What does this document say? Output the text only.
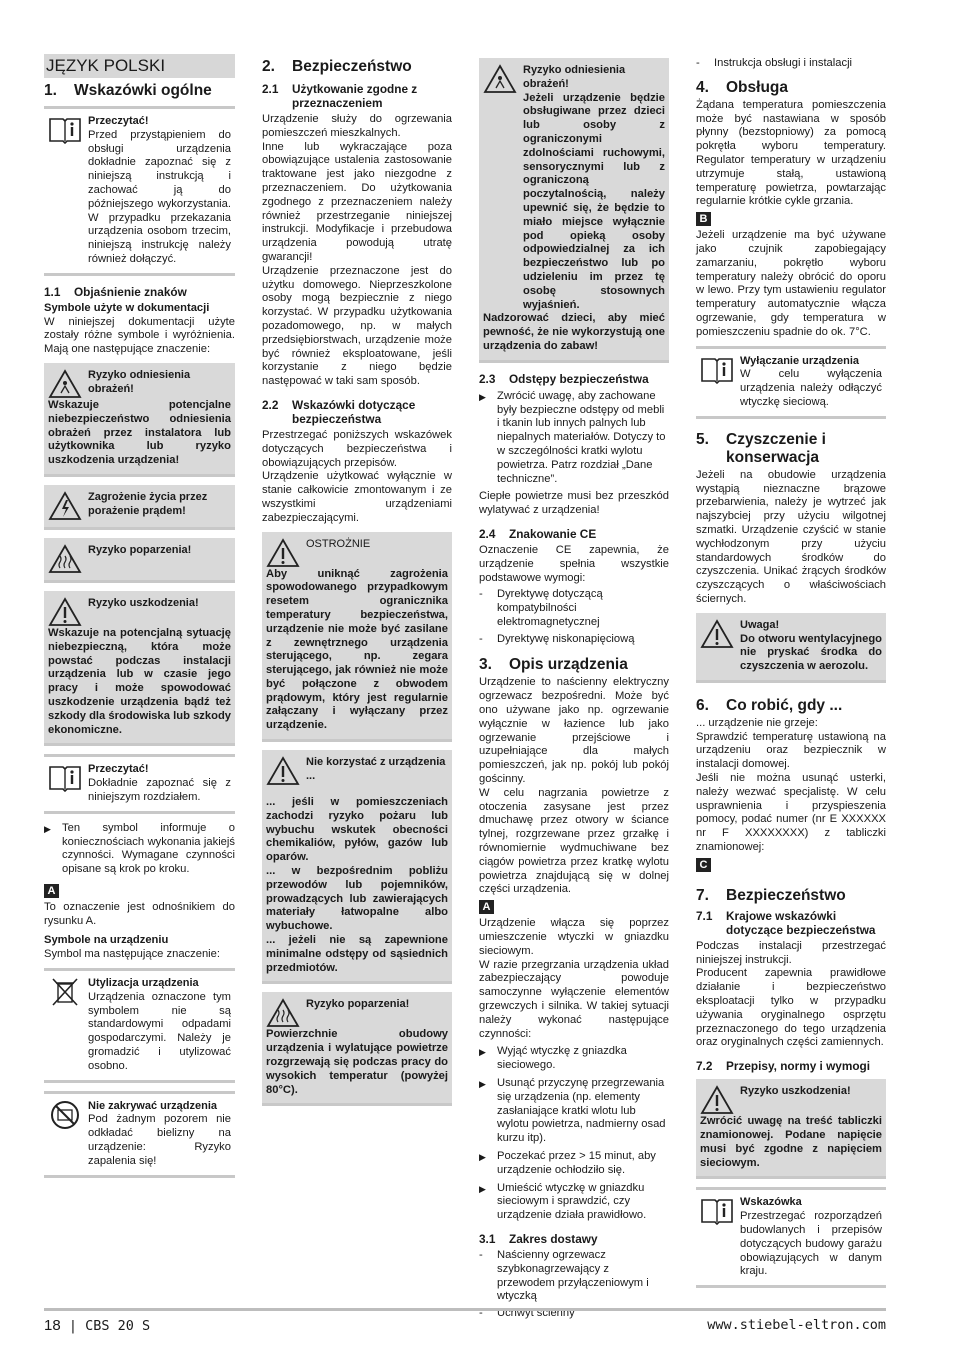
JĘZYK POLSKI
1.	Wskazówki ogólne
Przeczytać!

Przed przystąpieniem do obsługi urządzenia dokładnie zapoznać się z niniejszą instrukcją i zachować ją do późniejszego wykorzystania. W przypadku przekazania urządzenia osobom trzecim, niniejszą instrukcję należy również dołączyć.

1.1	Objaśnienie znaków
Symbole użyte w dokumentacji

W niniejszej dokumentacji użyte zostały różne symbole i wyróżnienia. Mają one następujące znaczenie:

Ryzyko odniesienia obrażeń!

Wskazuje potencjalne niebezpieczeństwo odniesienia obrażeń przez instalatora lub użytkownika lub ryzyko uszkodzenia urządzenia!

Zagrożenie życia przez porażenie prądem!
Ryzyko poparzenia!
Ryzyko uszkodzenia!

Wskazuje na potencjalną sytuację niebezpieczną, która może powstać podczas instalacji urządzenia lub w czasie jego pracy i może spowodować uszkodzenie urządzenia bądź też szkody dla środowiska lub szkody ekonomiczne.

Przeczytać!

Dokładnie zapoznać się z niniejszym rozdziałem.

▶ Ten symbol informuje o koniecznościach wykonania jakiejś czynności. Wymagane czynności opisane są krok po kroku.

A

To oznaczenie jest odnośnikiem do rysunku A.

Symbole na urządzeniu

Symbol ma następujące znaczenie:

Utylizacja urządzenia

Urządzenia oznaczone tym symbolem nie są standardowymi odpadami gospodarczymi. Należy je gromadzić i utylizować osobno.

Nie zakrywać urządzenia

Pod żadnym pozorem nie odkładać bielizny na urządzenie: Ryzyko zapalenia się!

2.	Bezpieczeństwo
2.1	Użytkowanie zgodne z przeznaczeniem

Urządzenie służy do ogrzewania pomieszczeń mieszkalnych.

Inne lub wykraczające poza obowiązujące ustalenia zastosowanie traktowane jest jako niezgodne z przeznaczeniem. Do użytkowania zgodnego z przeznaczeniem należy również przestrzeganie niniejszej instrukcji. Modyfikacje i przebudowa urządzenia powodują utratę gwarancji!

Urządzenie przeznaczone jest do użytku domowego. Nieprzeszkolone osoby mogą bezpiecznie z niego korzystać. W przypadku użytkowania pozadomowego, np. w małych przedsiębiorstwach, urządzenie może być również eksploatowane, jeśli korzystanie z niego będzie następować w taki sam sposób.

2.2	Wskazówki dotyczące bezpieczeństwa

Przestrzegać poniższych wskazówek dotyczących bezpieczeństwa i obowiązujących przepisów.

Urządzenie użytkować wyłącznie w stanie całkowicie zmontowanym i ze wszystkimi urządzeniami zabezpieczającymi.

OSTROŻNIE

Aby uniknąć zagrożenia spowodowanego przypadkowym resetem ogranicznika temperatury bezpieczeństwa, urządzenie nie może być zasilane z zewnętrznego urządzenia sterującego, np. zegara sterującego, jak również nie może być połączone z obwodem prądowym, który jest regularnie załączany i wyłączany przez urządzenie.

Nie korzystać z urządzenia ...

... jeśli w pomieszczeniach zachodzi ryzyko pożaru lub wybuchu wskutek obecności chemikaliów, pyłów, gazów lub oparów.

... w bezpośrednim pobliżu przewodów lub pojemników, prowadzących lub zawierających materiały łatwopalne albo wybuchowe.

... jeżeli nie są zapewnione minimalne odstępy od sąsiednich przedmiotów.

Ryzyko poparzenia!

Powierzchnie obudowy urządzenia i wylatujące powietrze rozgrzewają się podczas pracy do wysokich temperatur (powyżej 80°C).

Ryzyko odniesienia obrażeń!

Jeżeli urządzenie będzie obsługiwane przez dzieci lub osoby z ograniczonymi zdolnościami ruchowymi, sensorycznymi lub z ograniczoną poczytalnością, należy upewnić się, że będzie to miało miejsce wyłącznie pod opieką osoby odpowiedzialnej za ich bezpieczeństwo lub po udzieleniu im przez tę osobę stosownych wyjaśnień.

Nadzorować dzieci, aby mieć pewność, że nie wykorzystują one urządzenia do zabaw!

2.3	Odstępy bezpieczeństwa
▶ Zwrócić uwagę, aby zachowane były bezpieczne odstępy od mebli i tkanin lub innych palnych lub niepalnych materiałów. Dotyczy to w szczególności kratki wylotu powietrza. Patrz rozdział „Dane techniczne”.

Ciepłe powietrze musi bez przeszkód wylatywać z urządzenia!

2.4	Znakowanie CE

Oznaczenie CE zapewnia, że urządzenie spełnia wszystkie podstawowe wymogi:

-	Dyrektywę dotyczącą kompatybilności elektromagnetycznej
-	Dyrektywę niskonapięciową
3.	Opis urządzenia

Urządzenie to naścienny elektryczny ogrzewacz bezpośredni. Może być ono używane jako np. ogrzewanie wyłącznie w łazience lub jako ogrzewanie przejściowe i uzupełniające dla małych pomieszczeń, jak np. pokój lub pokój gościnny.

W celu nagrzania powietrze z otoczenia zasysane jest przez dmuchawę przez otwory w ściance tylnej, rozgrzewane przez grzałkę i równomiernie wydmuchiwane bez ciągów powietrza przez kratkę wylotu powietrza znajdującą się w dolnej części urządzenia.

A

Urządzenie włącza się poprzez umieszczenie wtyczki w gniazdku sieciowym.

W razie przegrzania urządzenia układ zabezpieczający powoduje samoczynne wyłączenie elementów grzewczych i silnika. W takiej sytuacji należy wykonać następujące czynności:

▶ Wyjąć wtyczkę z gniazdka sieciowego.

▶ Usunąć przyczynę przegrzewania się urządzenia (np. elementy zasłaniające kratki wlotu lub wylotu powietrza, nadmierny osad kurzu itp).

▶ Poczekać przez > 15 minut, aby urządzenie ochłodziło się.

▶ Umieścić wtyczkę w gniazdku sieciowym i sprawdzić, czy urządzenie działa prawidłowo.

3.1	Zakres dostawy
-	Naścienny ogrzewacz szybkonagrzewający z przewodem przyłączeniowym i wtyczką
-	Uchwyt ścienny
-	Instrukcja obsługi i instalacji
4.	Obsługa

Żądana temperatura pomieszczenia może być nastawiana w sposób płynny (bezstopniowy) za pomocą pokrętła wyboru temperatury. Regulator temperatury w urządzeniu utrzymuje stałą, ustawioną temperaturę powietrza, powtarzając regularnie krótkie cykle grzania.

B

Jeżeli urządzenie ma być używane jako czujnik zapobiegający zamarzaniu, pokrętło wyboru temperatury należy obrócić do oporu w lewo. Przy tym ustawieniu regulator temperatury automatycznie włącza ogrzewanie, gdy temperatura w pomieszczeniu spadnie do ok. 7°C.

Wyłączanie urządzenia

W celu wyłączenia urządzenia należy odłączyć wtyczkę sieciową.

5.	Czyszczenie i konserwacja

Jeżeli na obudowie urządzenia wystąpią nieznaczne brązowe przebarwienia, należy je wytrzeć jak najszybciej przy użyciu wilgotnej szmatki. Urządzenie czyścić w stanie wychłodzonym przy użyciu standardowych środków do czyszczenia. Unikać żrących środków czyszczących o właściwościach ściernych.

Uwaga!

Do otworu wentylacyjnego nie pryskać środka do czyszczenia w aerozolu.

6.	Co robić, gdy ...

... urządzenie nie grzeje:

Sprawdzić temperaturę ustawioną na urządzeniu oraz bezpiecznik w instalacji domowej.

Jeśli nie można usunąć usterki, należy wezwać specjalistę. W celu usprawnienia i przyspieszenia pomocy, podać numer (nr E XXXXXX nr F XXXXXXXX) z tabliczki znamionowej:

C
7.	Bezpieczeństwo
7.1	Krajowe wskazówki dotyczące bezpieczeństwa

Podczas instalacji przestrzegać niniejszej instrukcji.

Producent zapewnia prawidłowe działanie i bezpieczeństwo eksploatacji tylko w przypadku używania oryginalnego osprzętu przeznaczonego do tego urządzenia oraz oryginalnych części zamiennych.

7.2	Przepisy, normy i wymogi
Ryzyko uszkodzenia!

Zwrócić uwagę na treść tabliczki znamionowej. Podane napięcie musi być zgodne z napięciem sieciowym.

Wskazówka

Przestrzegać rozporządzeń budowlanych i przepisów dotyczących budowy garażu obowiązujących w danym kraju.

18 | CBS 20 S	www.stiebel-eltron.com
